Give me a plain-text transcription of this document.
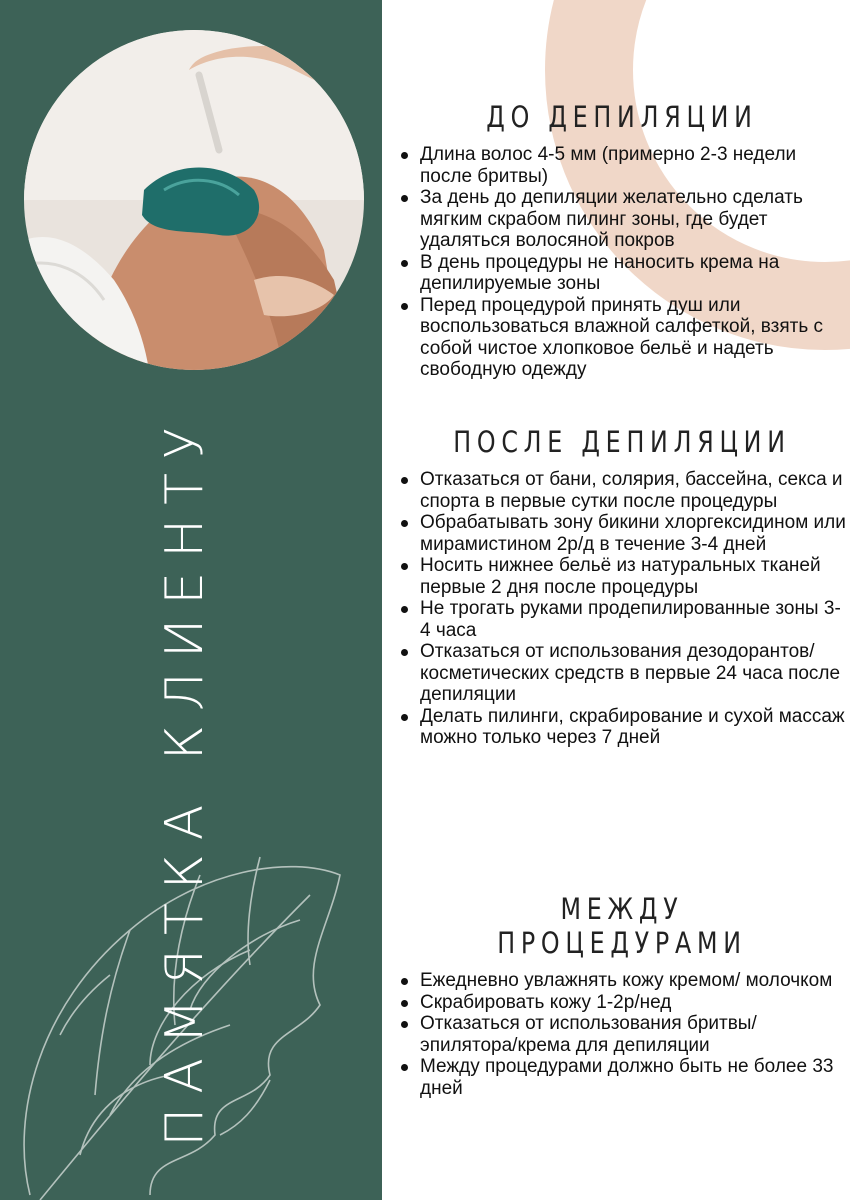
ПАМЯТКА КЛИЕНТУ
ДО ДЕПИЛЯЦИИ
Длина волос 4-5 мм (примерно 2-3 недели после бритвы)
За день до депиляции желательно сделать мягким скрабом пилинг зоны, где будет удаляться волосяной покров
В день процедуры не наносить крема на депилируемые зоны
Перед процедурой принять душ или воспользоваться влажной салфеткой, взять с собой чистое хлопковое бельё и надеть свободную одежду
ПОСЛЕ ДЕПИЛЯЦИИ
Отказаться от бани, солярия, бассейна, секса и спорта в первые сутки после процедуры
Обрабатывать зону бикини хлоргексидином или мирамистином 2р/д в течение 3-4 дней
Носить нижнее бельё из натуральных тканей первые 2 дня после процедуры
Не трогать руками продепилированные зоны 3-4 часа
Отказаться от использования дезодорантов/косметических средств в первые 24 часа после депиляции
Делать пилинги, скрабирование и сухой массаж можно только через 7 дней
МЕЖДУ ПРОЦЕДУРАМИ
Ежедневно увлажнять кожу кремом/ молочком
Скрабировать кожу 1-2р/нед
Отказаться от использования бритвы/ эпилятора/крема для депиляции
Между процедурами должно быть не более 33 дней
